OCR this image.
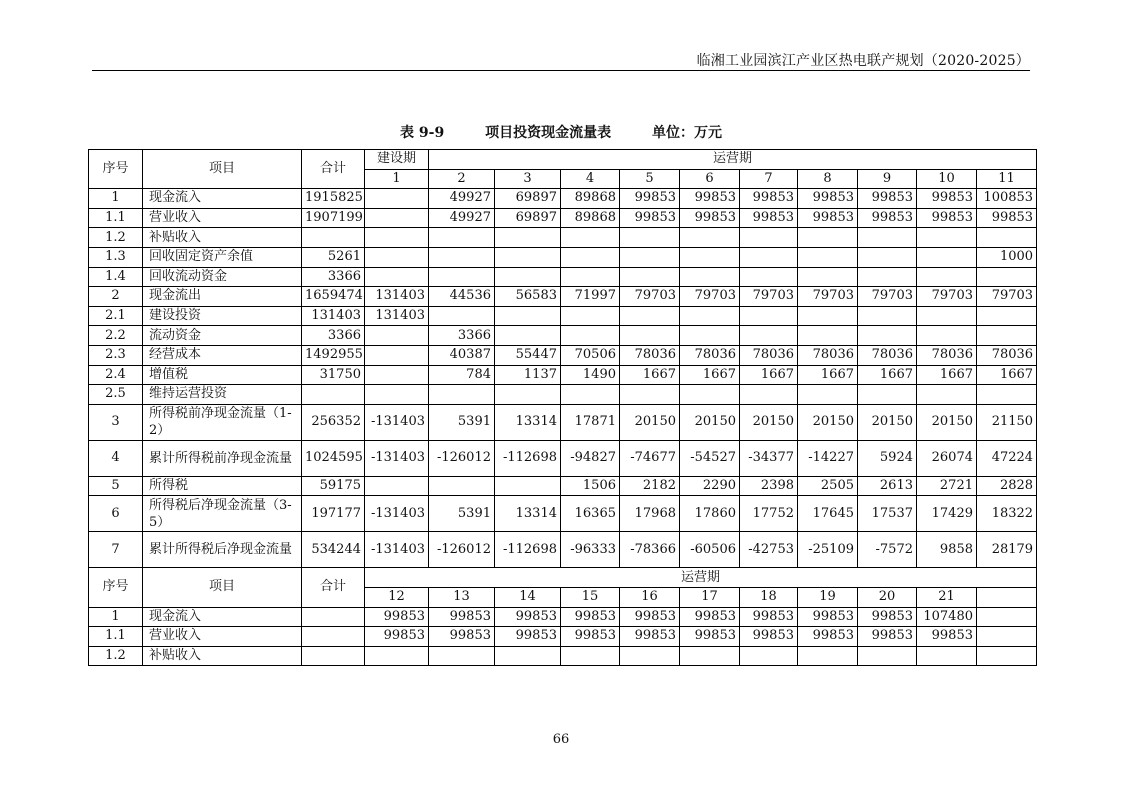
临湘工业园滨江产业区热电联产规划（2020-2025）
表 9-9	项目投资现金流量表	单位：万元
序号	项目	合计	建设期	运营期									
			1	2	3	4	5	6	7	8	9	10	11
1	现金流入	1915825		49927	69897	89868	99853	99853	99853	99853	99853	99853	100853
1.1	营业收入	1907199		49927	69897	89868	99853	99853	99853	99853	99853	99853	99853
1.2	补贴收入												
1.3	回收固定资产余值	5261											1000
1.4	回收流动资金	3366											
2	现金流出	1659474	131403	44536	56583	71997	79703	79703	79703	79703	79703	79703	79703
2.1	建设投资	131403	131403										
2.2	流动资金	3366		3366									
2.3	经营成本	1492955		40387	55447	70506	78036	78036	78036	78036	78036	78036	78036
2.4	增值税	31750		784	1137	1490	1667	1667	1667	1667	1667	1667	1667
2.5	维持运营投资												
3	所得税前净现金流量（1-2）	256352	-131403	5391	13314	17871	20150	20150	20150	20150	20150	20150	21150
4	累计所得税前净现金流量	1024595	-131403	-126012	-112698	-94827	-74677	-54527	-34377	-14227	5924	26074	47224
5	所得税	59175				1506	2182	2290	2398	2505	2613	2721	2828
6	所得税后净现金流量（3-5）	197177	-131403	5391	13314	16365	17968	17860	17752	17645	17537	17429	18322
7	累计所得税后净现金流量	534244	-131403	-126012	-112698	-96333	-78366	-60506	-42753	-25109	-7572	9858	28179
序号	项目	合计	运营期										
			12	13	14	15	16	17	18	19	20	21	
1	现金流入		99853	99853	99853	99853	99853	99853	99853	99853	99853	107480	
1.1	营业收入		99853	99853	99853	99853	99853	99853	99853	99853	99853	99853	
1.2	补贴收入												
66
